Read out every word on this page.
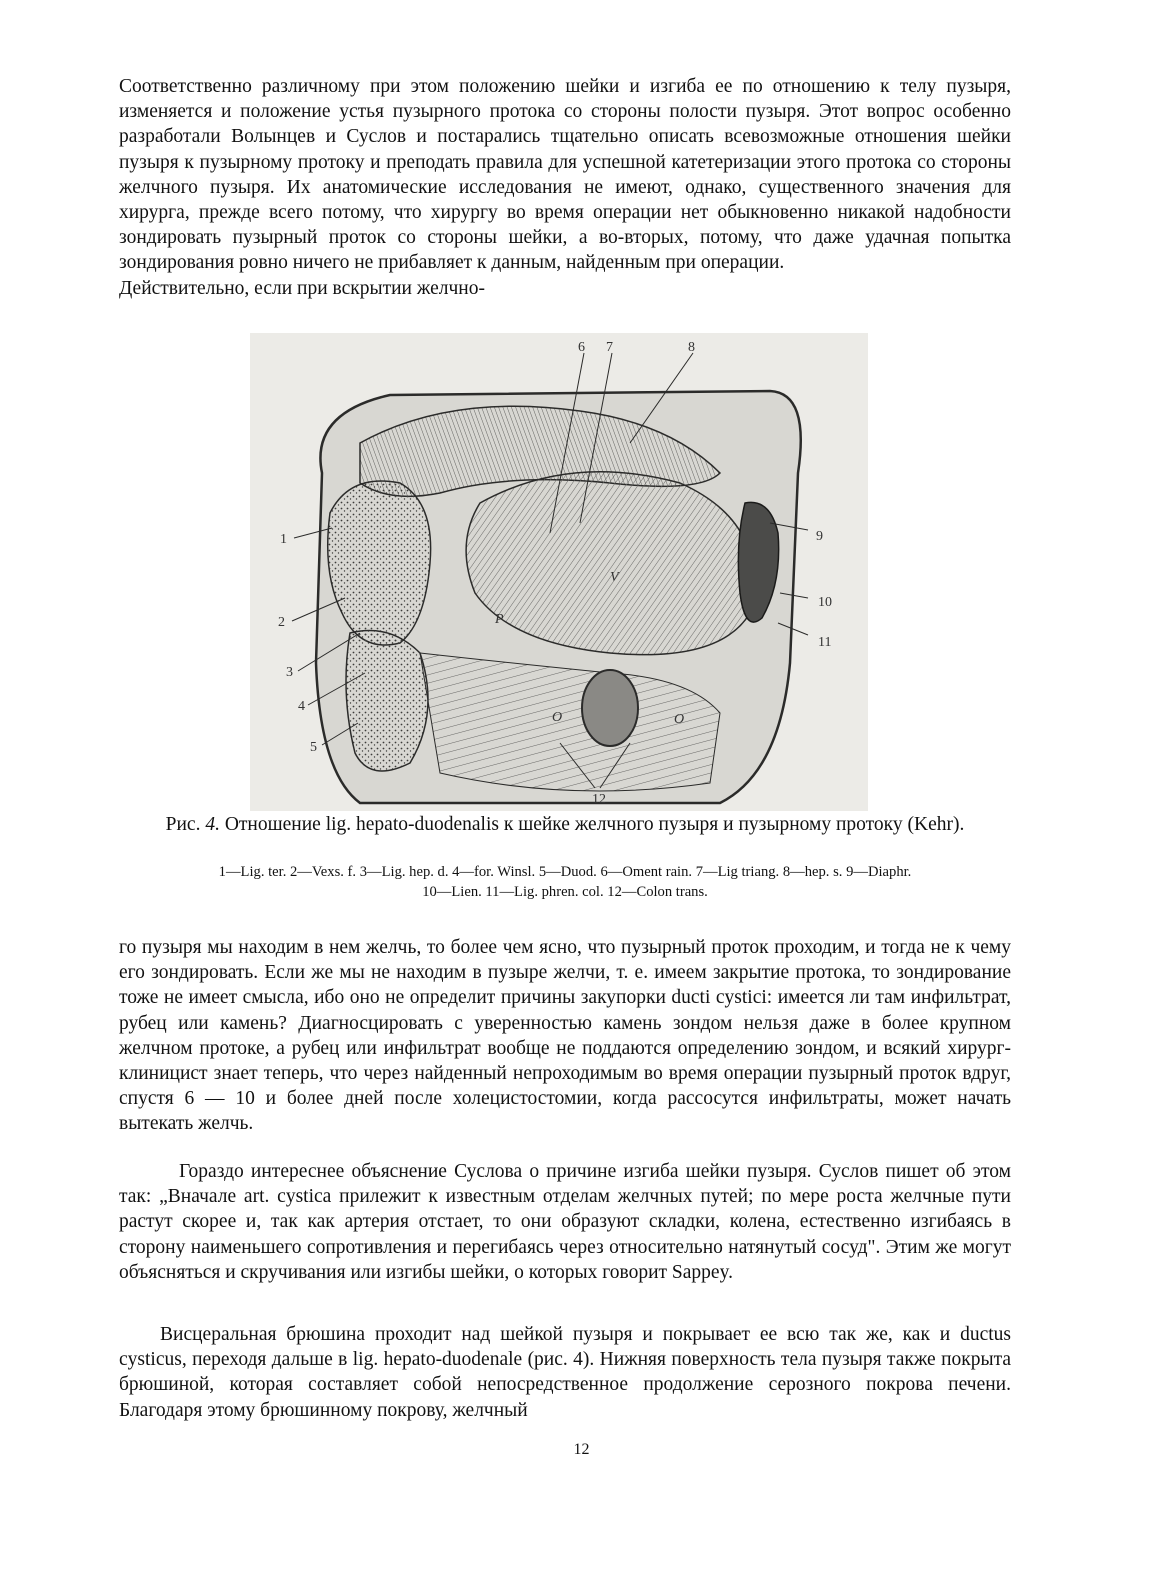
Соответственно различному при этом положению шейки и изгиба ее по отношению к телу пузыря, изменяется и положение устья пузырного протока со стороны полости пузыря. Этот вопрос особенно разработали Волынцев и Суслов и постарались тщательно описать всевозможные отношения шейки пузыря к пузырному протоку и преподать правила для успешной катетеризации этого протока со стороны желчного пузыря. Их анатомические исследования не имеют, однако, существенного значения для хирурга, прежде всего потому, что хирургу во время операции нет обыкновенно никакой надобности зондировать пузырный проток со стороны шейки, а во-вторых, потому, что даже удачная попытка зондирования ровно ничего не прибавляет к данным, найденным при операции.
Действительно, если при вскрытии желчно-

1
2
3
4
5
6 7	8
9
10
11
12
P
V
O	O

Рис. 4. Отношение lig. hepato-duodenalis к шейке желчного пузыря и пузырному протоку (Kehr).

1—Lig. ter. 2—Vexs. f. 3—Lig. hep. d. 4—for. Winsl. 5—Duod. 6—Oment rain. 7—Lig triang. 8—hep. s. 9—Diaphr.
10—Lien. 11—Lig. phren. col. 12—Colon trans.

го пузыря мы находим в нем желчь, то более чем ясно, что пузырный проток проходим, и тогда не к чему его зондировать. Если же мы не находим в пузыре желчи, т. е. имеем закрытие протока, то зондирование тоже не имеет смысла, ибо оно не определит причины закупорки ducti cystici: имеется ли там инфильтрат, рубец или камень? Диагносцировать с уверенностью камень зондом нельзя даже в более крупном желчном протоке, а рубец или инфильтрат вообще не поддаются определению зондом, и всякий хирург-клиницист знает теперь, что через найденный непроходимым во время операции пузырный проток вдруг, спустя 6 — 10 и более дней после холецистостомии, когда рассосутся инфильтраты, может начать вытекать желчь.

Гораздо интереснее объяснение Суслова о причине изгиба шейки пузыря. Суслов пишет об этом так: „Вначале art. cystica прилежит к известным отделам желчных путей; по мере роста желчные пути растут скорее и, так как артерия отстает, то они образуют складки, колена, естественно изгибаясь в сторону наименьшего сопротивления и перегибаясь через относительно натянутый сосуд". Этим же могут объясняться и скручивания или изгибы шейки, о которых говорит Sappey.

Висцеральная брюшина проходит над шейкой пузыря и покрывает ее всю так же, как и ductus cysticus, переходя дальше в lig. hepato-duodenale (рис. 4). Нижняя поверхность тела пузыря также покрыта брюшиной, которая составляет собой непосредственное продолжение серозного покрова печени. Благодаря этому брюшинному покрову, желчный

12
